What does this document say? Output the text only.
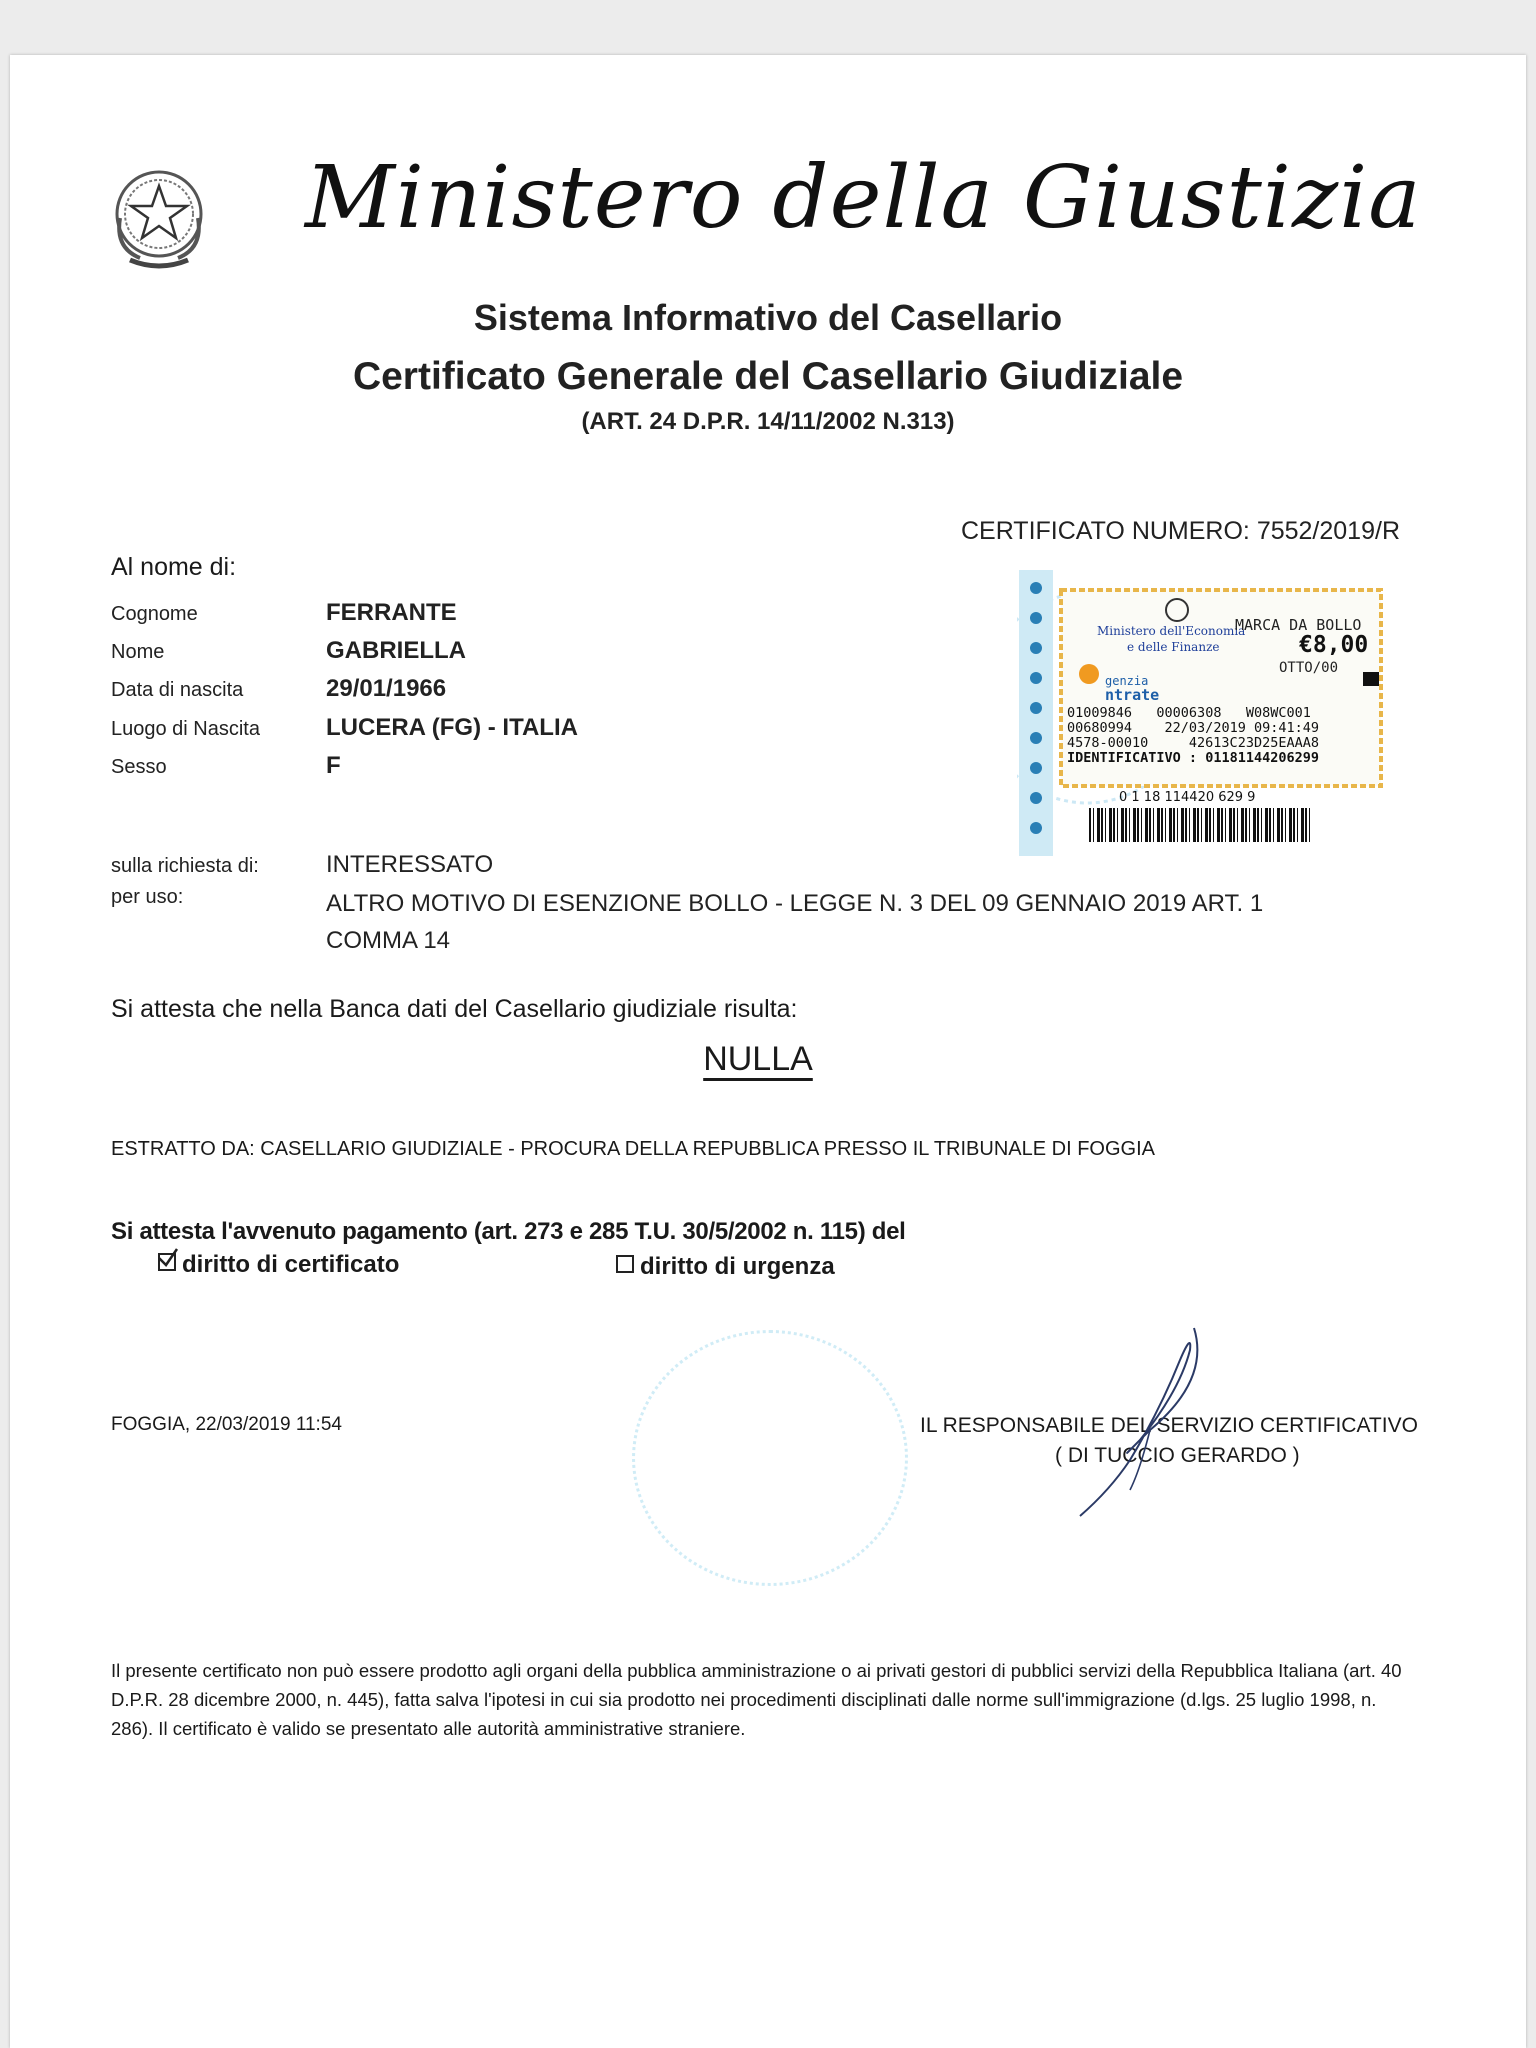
Ministero della Giustizia
Sistema Informativo del Casellario
Certificato Generale del Casellario Giudiziale
(ART. 24 D.P.R. 14/11/2002 N.313)
CERTIFICATO NUMERO: 7552/2019/R
Al nome di:
Cognome	FERRANTE
Nome	GABRIELLA
Data di nascita	29/01/1966
Luogo di Nascita	LUCERA (FG) - ITALIA
Sesso	F
sulla richiesta di:	INTERESSATO
per uso:	ALTRO MOTIVO DI ESENZIONE BOLLO - LEGGE N. 3 DEL 09 GENNAIO 2019 ART. 1
COMMA 14
Ministero dell'Economia
e delle Finanze
MARCA DA BOLLO
€8,00
OTTO/00
genzia
ntrate
01009846 00006308 W08WC001
00680994 22/03/2019 09:41:49
4578-00010	42613C23D25EAAA8
IDENTIFICATIVO : 01181144206299
0 1 18 114420 629 9
Si attesta che nella Banca dati del Casellario giudiziale risulta:
NULLA
ESTRATTO DA: CASELLARIO GIUDIZIALE - PROCURA DELLA REPUBBLICA PRESSO IL TRIBUNALE DI FOGGIA
Si attesta l'avvenuto pagamento (art. 273 e 285 T.U. 30/5/2002 n. 115) del
diritto di certificato	diritto di urgenza
FOGGIA, 22/03/2019 11:54	IL RESPONSABILE DEL SERVIZIO CERTIFICATIVO
( DI TUCCIO GERARDO )
Il presente certificato non può essere prodotto agli organi della pubblica amministrazione o ai privati gestori di pubblici servizi della Repubblica Italiana (art. 40 D.P.R. 28 dicembre 2000, n. 445), fatta salva l'ipotesi in cui sia prodotto nei procedimenti disciplinati dalle norme sull'immigrazione (d.lgs. 25 luglio 1998, n. 286). Il certificato è valido se presentato alle autorità amministrative straniere.
